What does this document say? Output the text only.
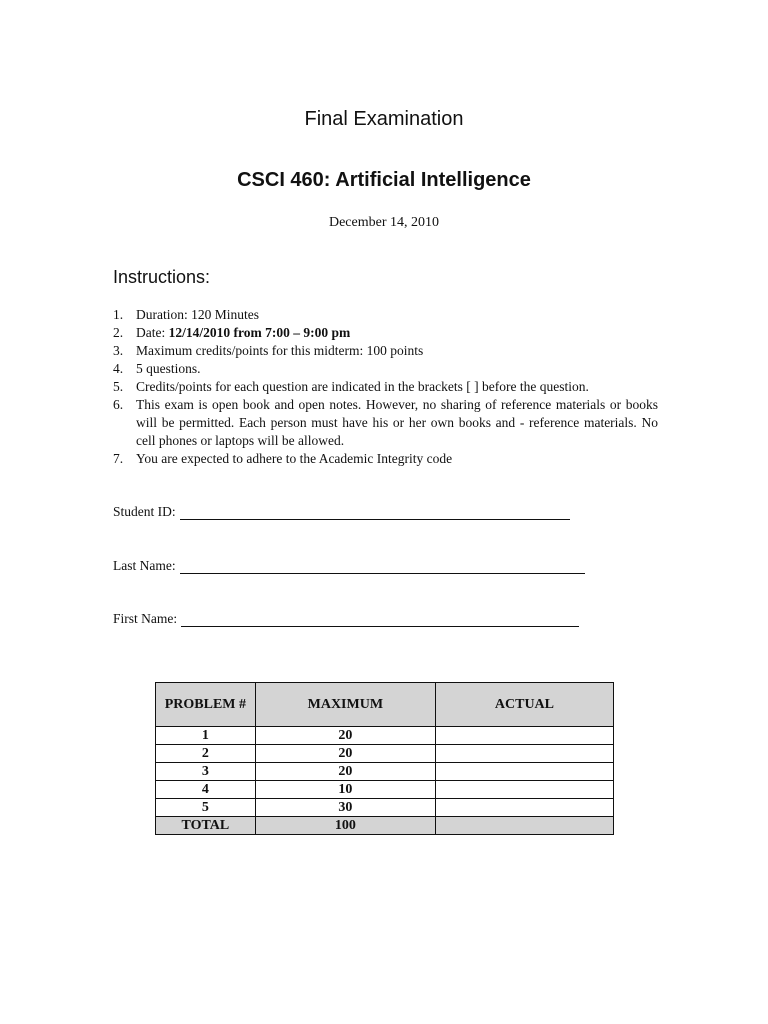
Final Examination
CSCI 460: Artificial Intelligence
December 14, 2010
Instructions:
1. Duration: 120 Minutes
2. Date: 12/14/2010 from 7:00 – 9:00 pm
3. Maximum credits/points for this midterm: 100 points
4. 5 questions.
5. Credits/points for each question are indicated in the brackets [ ] before the question.
6. This exam is open book and open notes. However, no sharing of reference materials or books will be permitted. Each person must have his or her own books and - reference materials. No cell phones or laptops will be allowed.
7. You are expected to adhere to the Academic Integrity code
Student ID:
Last Name:
First Name:
PROBLEM #	MAXIMUM	ACTUAL
1	20	
2	20	
3	20	
4	10	
5	30	
TOTAL	100	
